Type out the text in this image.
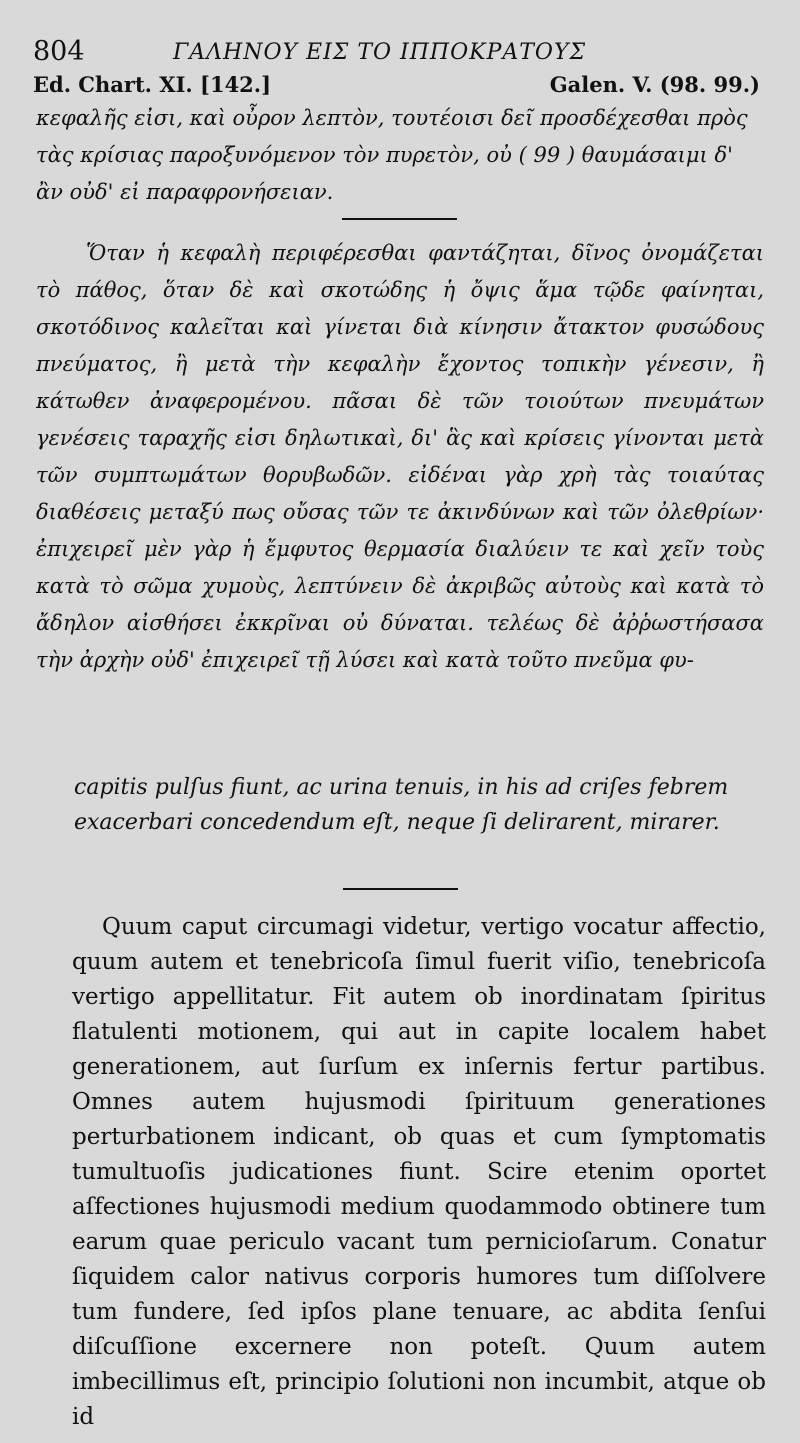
804	ΓΑΛΗΝΟΥ ΕΙΣ ΤΟ ΙΠΠΟΚΡΑΤΟΥΣ
Ed. Chart. XI. [142.]	Galen. V. (98. 99.)
κεφαλῆς εἰσι, καὶ οὖρον λεπτὸν, τουτέοισι δεῖ προσδέχεσθαι πρὸς τὰς κρίσιας παροξυνόμενον τὸν πυρετὸν, οὐ ( 99 ) θαυμάσαιμι δ' ἂν οὐδ' εἰ παραφρονήσειαν.
Ὅταν ἡ κεφαλὴ περιφέρεσθαι φαντάζηται, δῖνος ὀνομάζεται τὸ πάθος, ὅταν δὲ καὶ σκοτώδης ἡ ὄψις ἅμα τῷδε φαίνηται, σκοτόδινος καλεῖται καὶ γίνεται διὰ κίνησιν ἄτακτον φυσώδους πνεύματος, ἢ μετὰ τὴν κεφαλὴν ἔχοντος τοπικὴν γένεσιν, ἢ κάτωθεν ἀναφερομένου. πᾶσαι δὲ τῶν τοιούτων πνευμάτων γενέσεις ταραχῆς εἰσι δηλωτικαὶ, δι' ἃς καὶ κρίσεις γίνονται μετὰ τῶν συμπτωμάτων θορυβωδῶν. εἰδέναι γὰρ χρὴ τὰς τοιαύτας διαθέσεις μεταξύ πως οὔσας τῶν τε ἀκινδύνων καὶ τῶν ὀλεθρίων· ἐπιχειρεῖ μὲν γὰρ ἡ ἔμφυτος θερμασία διαλύειν τε καὶ χεῖν τοὺς κατὰ τὸ σῶμα χυμοὺς, λεπτύνειν δὲ ἀκριβῶς αὐτοὺς καὶ κατὰ τὸ ἄδηλον αἰσθήσει ἐκκρῖναι οὐ δύναται. τελέως δὲ ἀῤῥωστήσασα τὴν ἀρχὴν οὐδ' ἐπιχειρεῖ τῇ λύσει καὶ κατὰ τοῦτο πνεῦμα φυ-
capitis pulſus fiunt, ac urina tenuis, in his ad criſes febrem exacerbari concedendum eſt, neque ſi delirarent, mirarer.
Quum caput circumagi videtur, vertigo vocatur affectio, quum autem et tenebricoſa ſimul fuerit viſio, tenebricoſa vertigo appellitatur. Fit autem ob inordinatam ſpiritus flatulenti motionem, qui aut in capite localem habet generationem, aut ſurſum ex inſernis fertur partibus. Omnes autem hujusmodi ſpirituum generationes perturbationem indicant, ob quas et cum ſymptomatis tumultuoſis judicationes fiunt. Scire etenim oportet aſfectiones hujusmodi medium quodammodo obtinere tum earum quae periculo vacant tum pernicioſarum. Conatur ſiquidem calor nativus corporis humores tum diſſolvere tum fundere, ſed ipſos plane tenuare, ac abdita ſenſui diſcuſſione excernere non poteſt. Quum autem imbecillimus eſt, principio ſolutioni non incumbit, atque ob id
